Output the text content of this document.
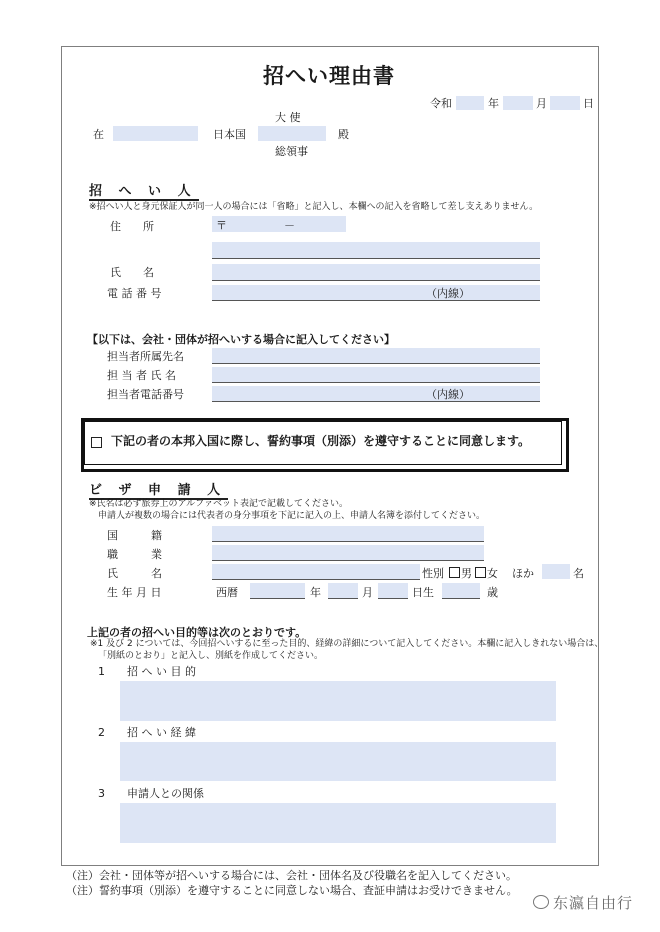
招へい理由書
令和	年	月	日
大 使
在	日本国	殿
総領事
招 へ い 人
※招へい人と身元保証人が同一人の場合には「省略」と記入し、本欄への記入を省略して差し支えありません。
住　　所	〒	－
氏　　名
電 話 番 号	（内線）
【以下は、会社・団体が招へいする場合に記入してください】
担当者所属先名
担 当 者 氏 名
担当者電話番号	（内線）
下記の者の本邦入国に際し、誓約事項（別添）を遵守することに同意します。
ビ ザ 申 請 人
※氏名は必ず旅券上のアルファベット表記で記載してください。
申請人が複数の場合には代表者の身分事項を下記に記入の上、申請人名簿を添付してください。
国　　　籍
職　　　業
氏　　　名	性別 男 女 ほか	名
生 年 月 日	西暦	年	月	日生	歳
上記の者の招へい目的等は次のとおりです。
※1 及び 2 については、今回招へいするに至った目的、経緯の詳細について記入してください。本欄に記入しきれない場合は、
「別紙のとおり」と記入し、別紙を作成してください。
1 招 へ い 目 的
2 招 へ い 経 緯
3 申請人との関係
（注）会社・団体等が招へいする場合には、会社・団体名及び役職名を記入してください。
（注）誓約事項（別添）を遵守することに同意しない場合、査証申請はお受けできません。
东瀛自由行
